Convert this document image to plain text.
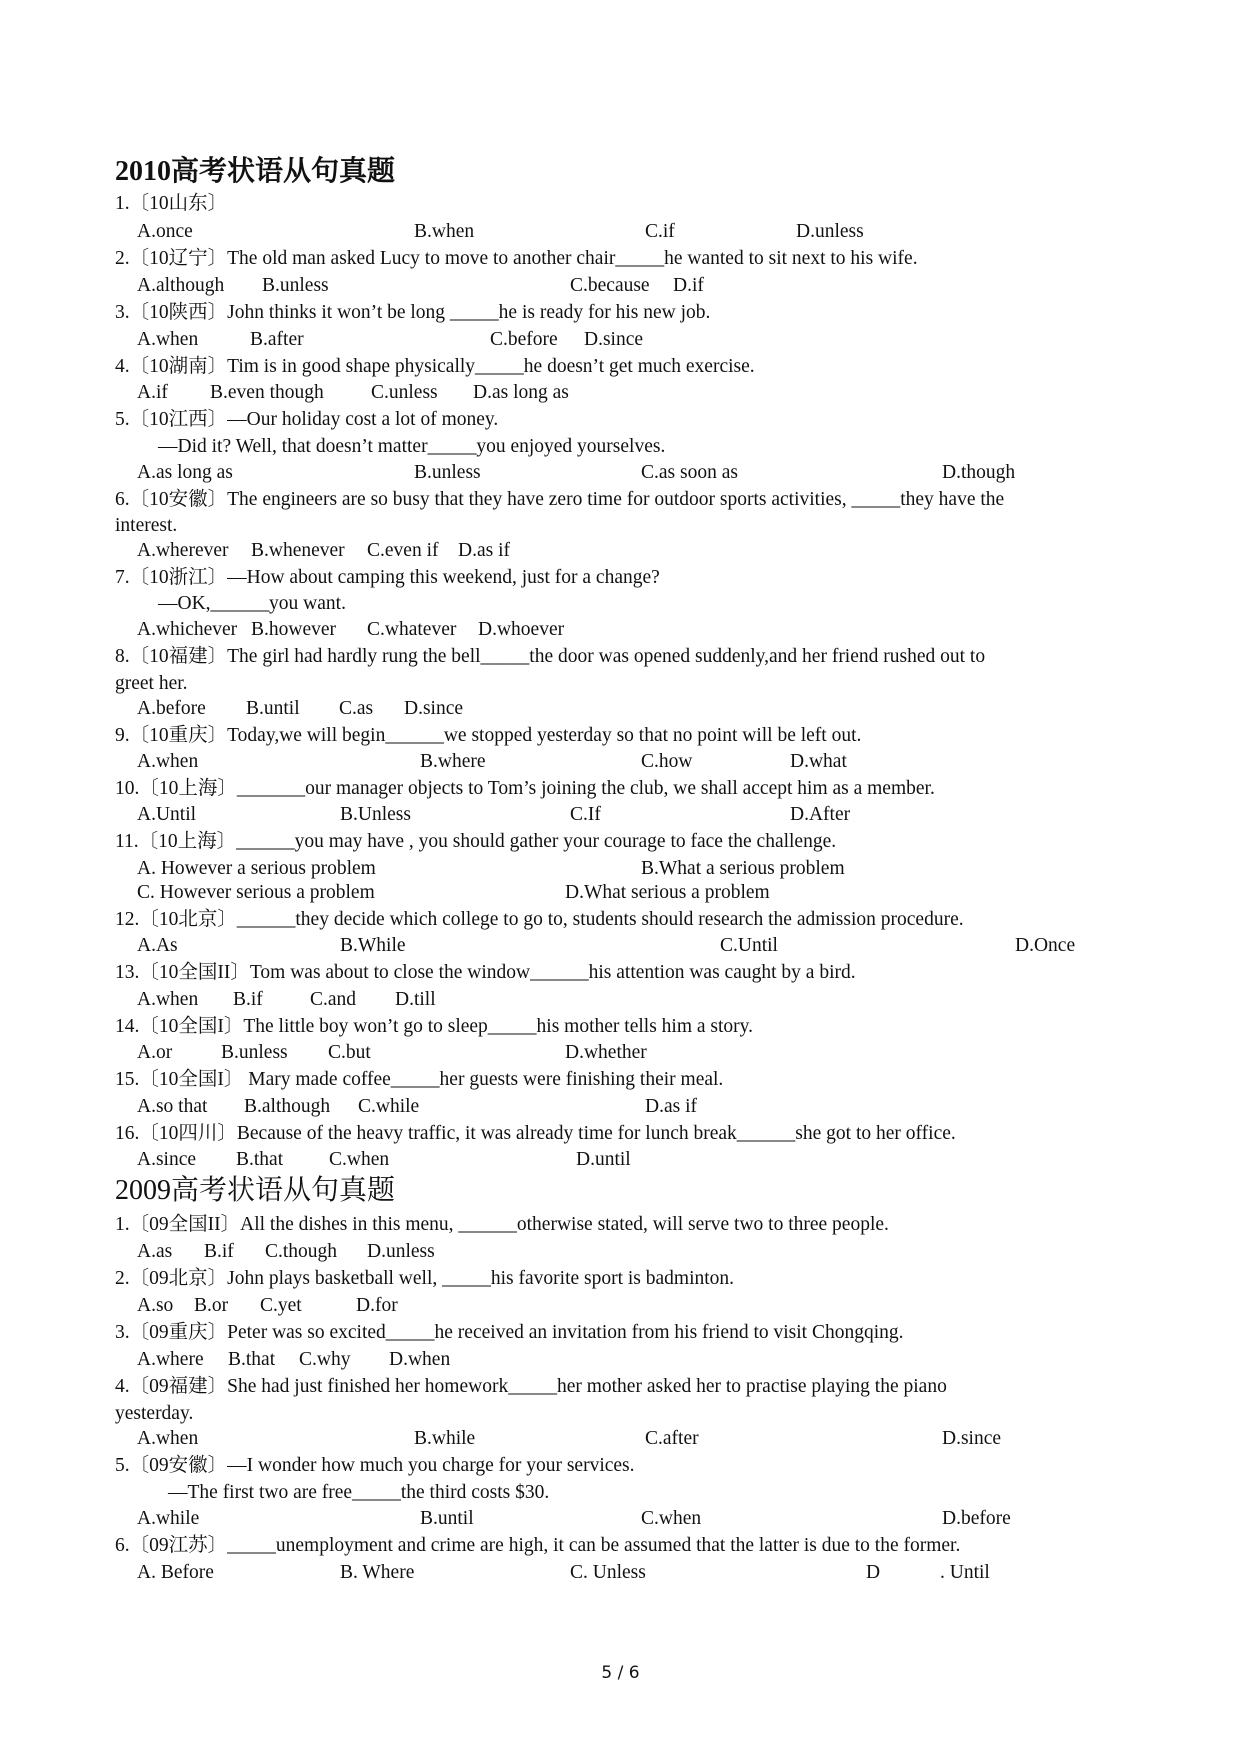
2010高考状语从句真题
1.〔10山东〕
A.once	B.when	C.if	D.unless
2.〔10辽宁〕The old man asked Lucy to move to another chair_____he wanted to sit next to his wife.
A.although B.unless	C.because D.if
3.〔10陕西〕John thinks it won’t be long _____he is ready for his new job.
A.when	B.after	C.before D.since
4.〔10湖南〕Tim is in good shape physically_____he doesn’t get much exercise.
A.if B.even though C.unless D.as long as
5.〔10江西〕—Our holiday cost a lot of money.
—Did it? Well, that doesn’t matter_____you enjoyed yourselves.
A.as long as	B.unless	C.as soon as	D.though
6.〔10安徽〕The engineers are so busy that they have zero time for outdoor sports activities, _____they have the
interest.
A.wherever B.whenever C.even if D.as if
7.〔10浙江〕—How about camping this weekend, just for a change?
—OK,______you want.
A.whichever B.however C.whatever D.whoever
8.〔10福建〕The girl had hardly rung the bell_____the door was opened suddenly,and her friend rushed out to
greet her.
A.before B.until C.as D.since
9.〔10重庆〕Today,we will begin______we stopped yesterday so that no point will be left out.
A.when	B.where	C.how	D.what
10.〔10上海〕_______our manager objects to Tom’s joining the club, we shall accept him as a member.
A.Until	B.Unless	C.If	D.After
11.〔10上海〕______you may have , you should gather your courage to face the challenge.
A. However a serious problem	B.What a serious problem
C. However serious a problem	D.What serious a problem
12.〔10北京〕______they decide which college to go to, students should research the admission procedure.
A.As	B.While	C.Until	D.Once
13.〔10全国II〕Tom was about to close the window______his attention was caught by a bird.
A.when B.if C.and D.till
14.〔10全国I〕The little boy won’t go to sleep_____his mother tells him a story.
A.or	B.unless C.but	D.whether
15.〔10全国I〕 Mary made coffee_____her guests were finishing their meal.
A.so that B.although C.while	D.as if
16.〔10四川〕Because of the heavy traffic, it was already time for lunch break______she got to her office.
A.since B.that C.when	D.until
2009高考状语从句真题
1.〔09全国II〕All the dishes in this menu, ______otherwise stated, will serve two to three people.
A.as B.if C.though D.unless
2.〔09北京〕John plays basketball well, _____his favorite sport is badminton.
A.so B.or C.yet	D.for
3.〔09重庆〕Peter was so excited_____he received an invitation from his friend to visit Chongqing.
A.where B.that C.why D.when
4.〔09福建〕She had just finished her homework_____her mother asked her to practise playing the piano
yesterday.
A.when	B.while	C.after	D.since
5.〔09安徽〕—I wonder how much you charge for your services.
—The first two are free_____the third costs $30.
A.while	B.until	C.when	D.before
6.〔09江苏〕_____unemployment and crime are high, it can be assumed that the latter is due to the former.
A. Before	B. Where	C. Unless	D	. Until
5 / 6
